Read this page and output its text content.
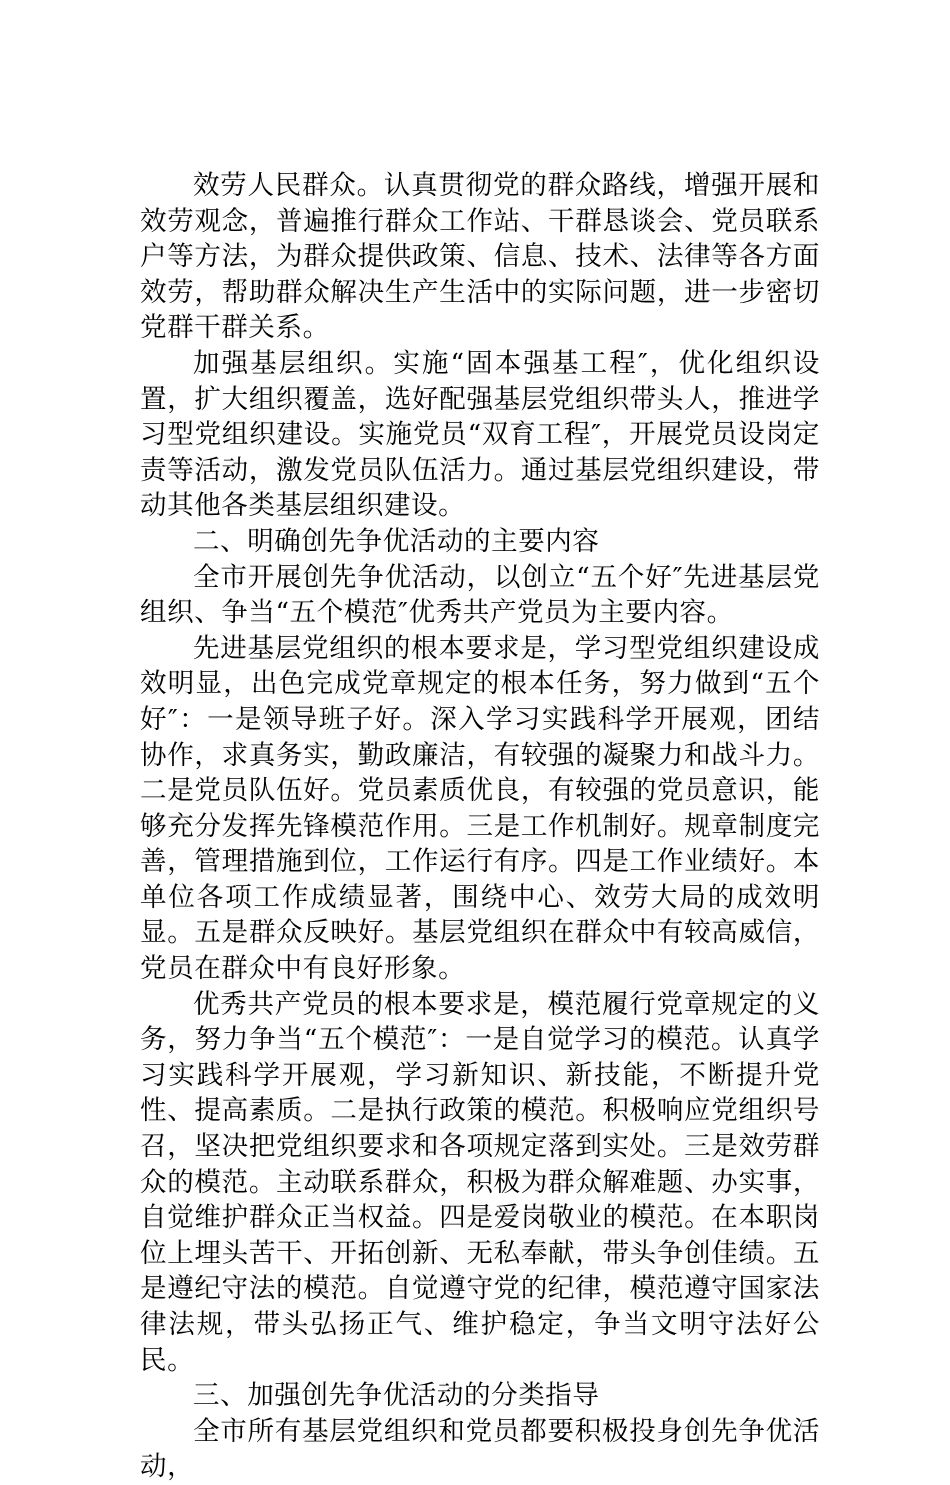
效劳人民群众。认真贯彻党的群众路线，增强开展和效劳观念，普遍推行群众工作站、干群恳谈会、党员联系户等方法，为群众提供政策、信息、技术、法律等各方面效劳，帮助群众解决生产生活中的实际问题，进一步密切党群干群关系。

加强基层组织。实施“固本强基工程″，优化组织设置，扩大组织覆盖，选好配强基层党组织带头人，推进学习型党组织建设。实施党员“双育工程″，开展党员设岗定责等活动，激发党员队伍活力。通过基层党组织建设，带动其他各类基层组织建设。

二、明确创先争优活动的主要内容

全市开展创先争优活动，以创立“五个好″先进基层党组织、争当“五个模范″优秀共产党员为主要内容。

先进基层党组织的根本要求是，学习型党组织建设成效明显，出色完成党章规定的根本任务，努力做到“五个好″：一是领导班子好。深入学习实践科学开展观，团结协作，求真务实，勤政廉洁，有较强的凝聚力和战斗力。二是党员队伍好。党员素质优良，有较强的党员意识，能够充分发挥先锋模范作用。三是工作机制好。规章制度完善，管理措施到位，工作运行有序。四是工作业绩好。本单位各项工作成绩显著，围绕中心、效劳大局的成效明显。五是群众反映好。基层党组织在群众中有较高威信，党员在群众中有良好形象。

优秀共产党员的根本要求是，模范履行党章规定的义务，努力争当“五个模范″：一是自觉学习的模范。认真学习实践科学开展观，学习新知识、新技能，不断提升党性、提高素质。二是执行政策的模范。积极响应党组织号召，坚决把党组织要求和各项规定落到实处。三是效劳群众的模范。主动联系群众，积极为群众解难题、办实事，自觉维护群众正当权益。四是爱岗敬业的模范。在本职岗位上埋头苦干、开拓创新、无私奉献，带头争创佳绩。五是遵纪守法的模范。自觉遵守党的纪律，模范遵守国家法律法规，带头弘扬正气、维护稳定，争当文明守法好公民。

三、加强创先争优活动的分类指导

全市所有基层党组织和党员都要积极投身创先争优活动，
